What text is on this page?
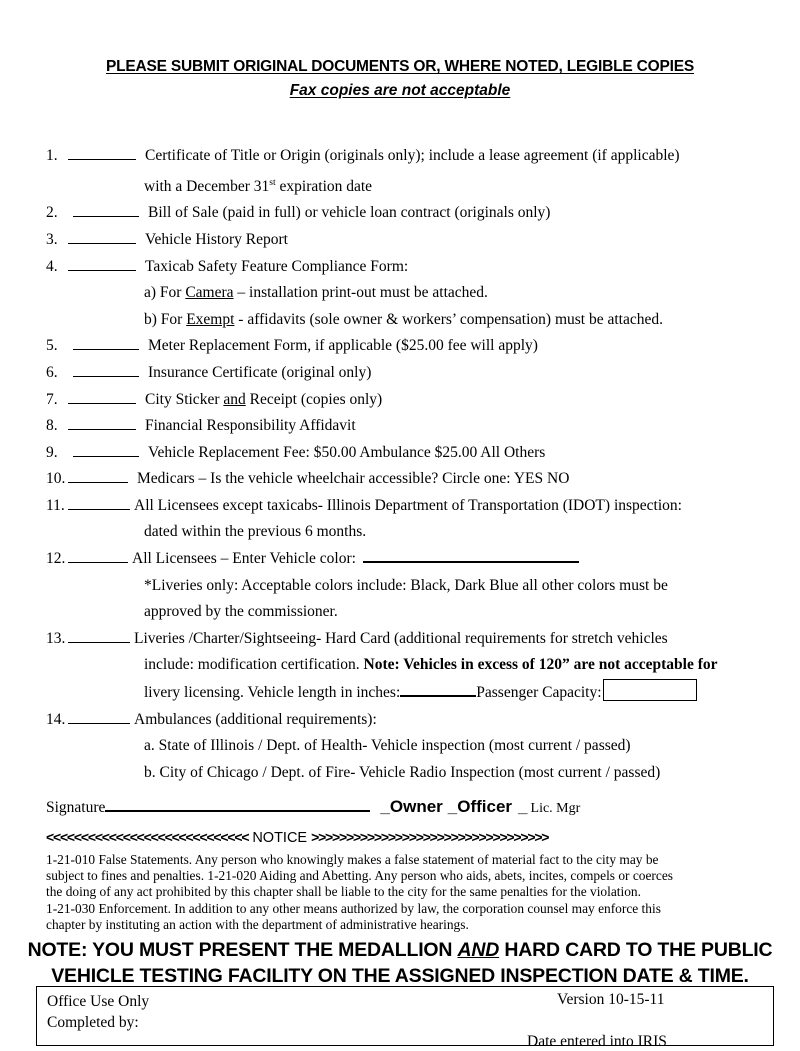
PLEASE SUBMIT ORIGINAL DOCUMENTS OR, WHERE NOTED, LEGIBLE COPIES
Fax copies are not acceptable
1.	Certificate of Title or Origin (originals only); include a lease agreement (if applicable)
with a December 31st expiration date
2.	Bill of Sale (paid in full) or vehicle loan contract (originals only)
3.	Vehicle History Report
4.	Taxicab Safety Feature Compliance Form:
a) For Camera – installation print-out must be attached.
b) For Exempt - affidavits (sole owner & workers’ compensation) must be attached.
5.	Meter Replacement Form, if applicable ($25.00 fee will apply)
6.	Insurance Certificate (original only)
7.	City Sticker and Receipt (copies only)
8.	Financial Responsibility Affidavit
9.	Vehicle Replacement Fee: $50.00 Ambulance $25.00 All Others
10.	Medicars – Is the vehicle wheelchair accessible? Circle one: YES NO
11.	All Licensees except taxicabs- Illinois Department of Transportation (IDOT) inspection:
dated within the previous 6 months.
12.	All Licensees – Enter Vehicle color:
*Liveries only: Acceptable colors include: Black, Dark Blue all other colors must be
approved by the commissioner.
13.	Liveries /Charter/Sightseeing- Hard Card (additional requirements for stretch vehicles
include: modification certification. Note: Vehicles in excess of 120” are not acceptable for
livery licensing. Vehicle length in inches:	Passenger Capacity:
14.	Ambulances (additional requirements):
a. State of Illinois / Dept. of Health- Vehicle inspection (most current / passed)
b. City of Chicago / Dept. of Fire- Vehicle Radio Inspection (most current / passed)
Signature	_Owner _Officer _ Lic. Mgr
<<<<<<<<<<<<<<<<<<<<<<<<<<<<< NOTICE >>>>>>>>>>>>>>>>>>>>>>>>>>>>>>>>>>
1-21-010 False Statements. Any person who knowingly makes a false statement of material fact to the city may be
subject to fines and penalties. 1-21-020 Aiding and Abetting. Any person who aids, abets, incites, compels or coerces
the doing of any act prohibited by this chapter shall be liable to the city for the same penalties for the violation.
1-21-030 Enforcement. In addition to any other means authorized by law, the corporation counsel may enforce this
chapter by instituting an action with the department of administrative hearings.
NOTE: YOU MUST PRESENT THE MEDALLION AND HARD CARD TO THE PUBLIC
VEHICLE TESTING FACILITY ON THE ASSIGNED INSPECTION DATE & TIME.
Office Use Only
Completed by:
Version 10-15-11
Date entered into IRIS
